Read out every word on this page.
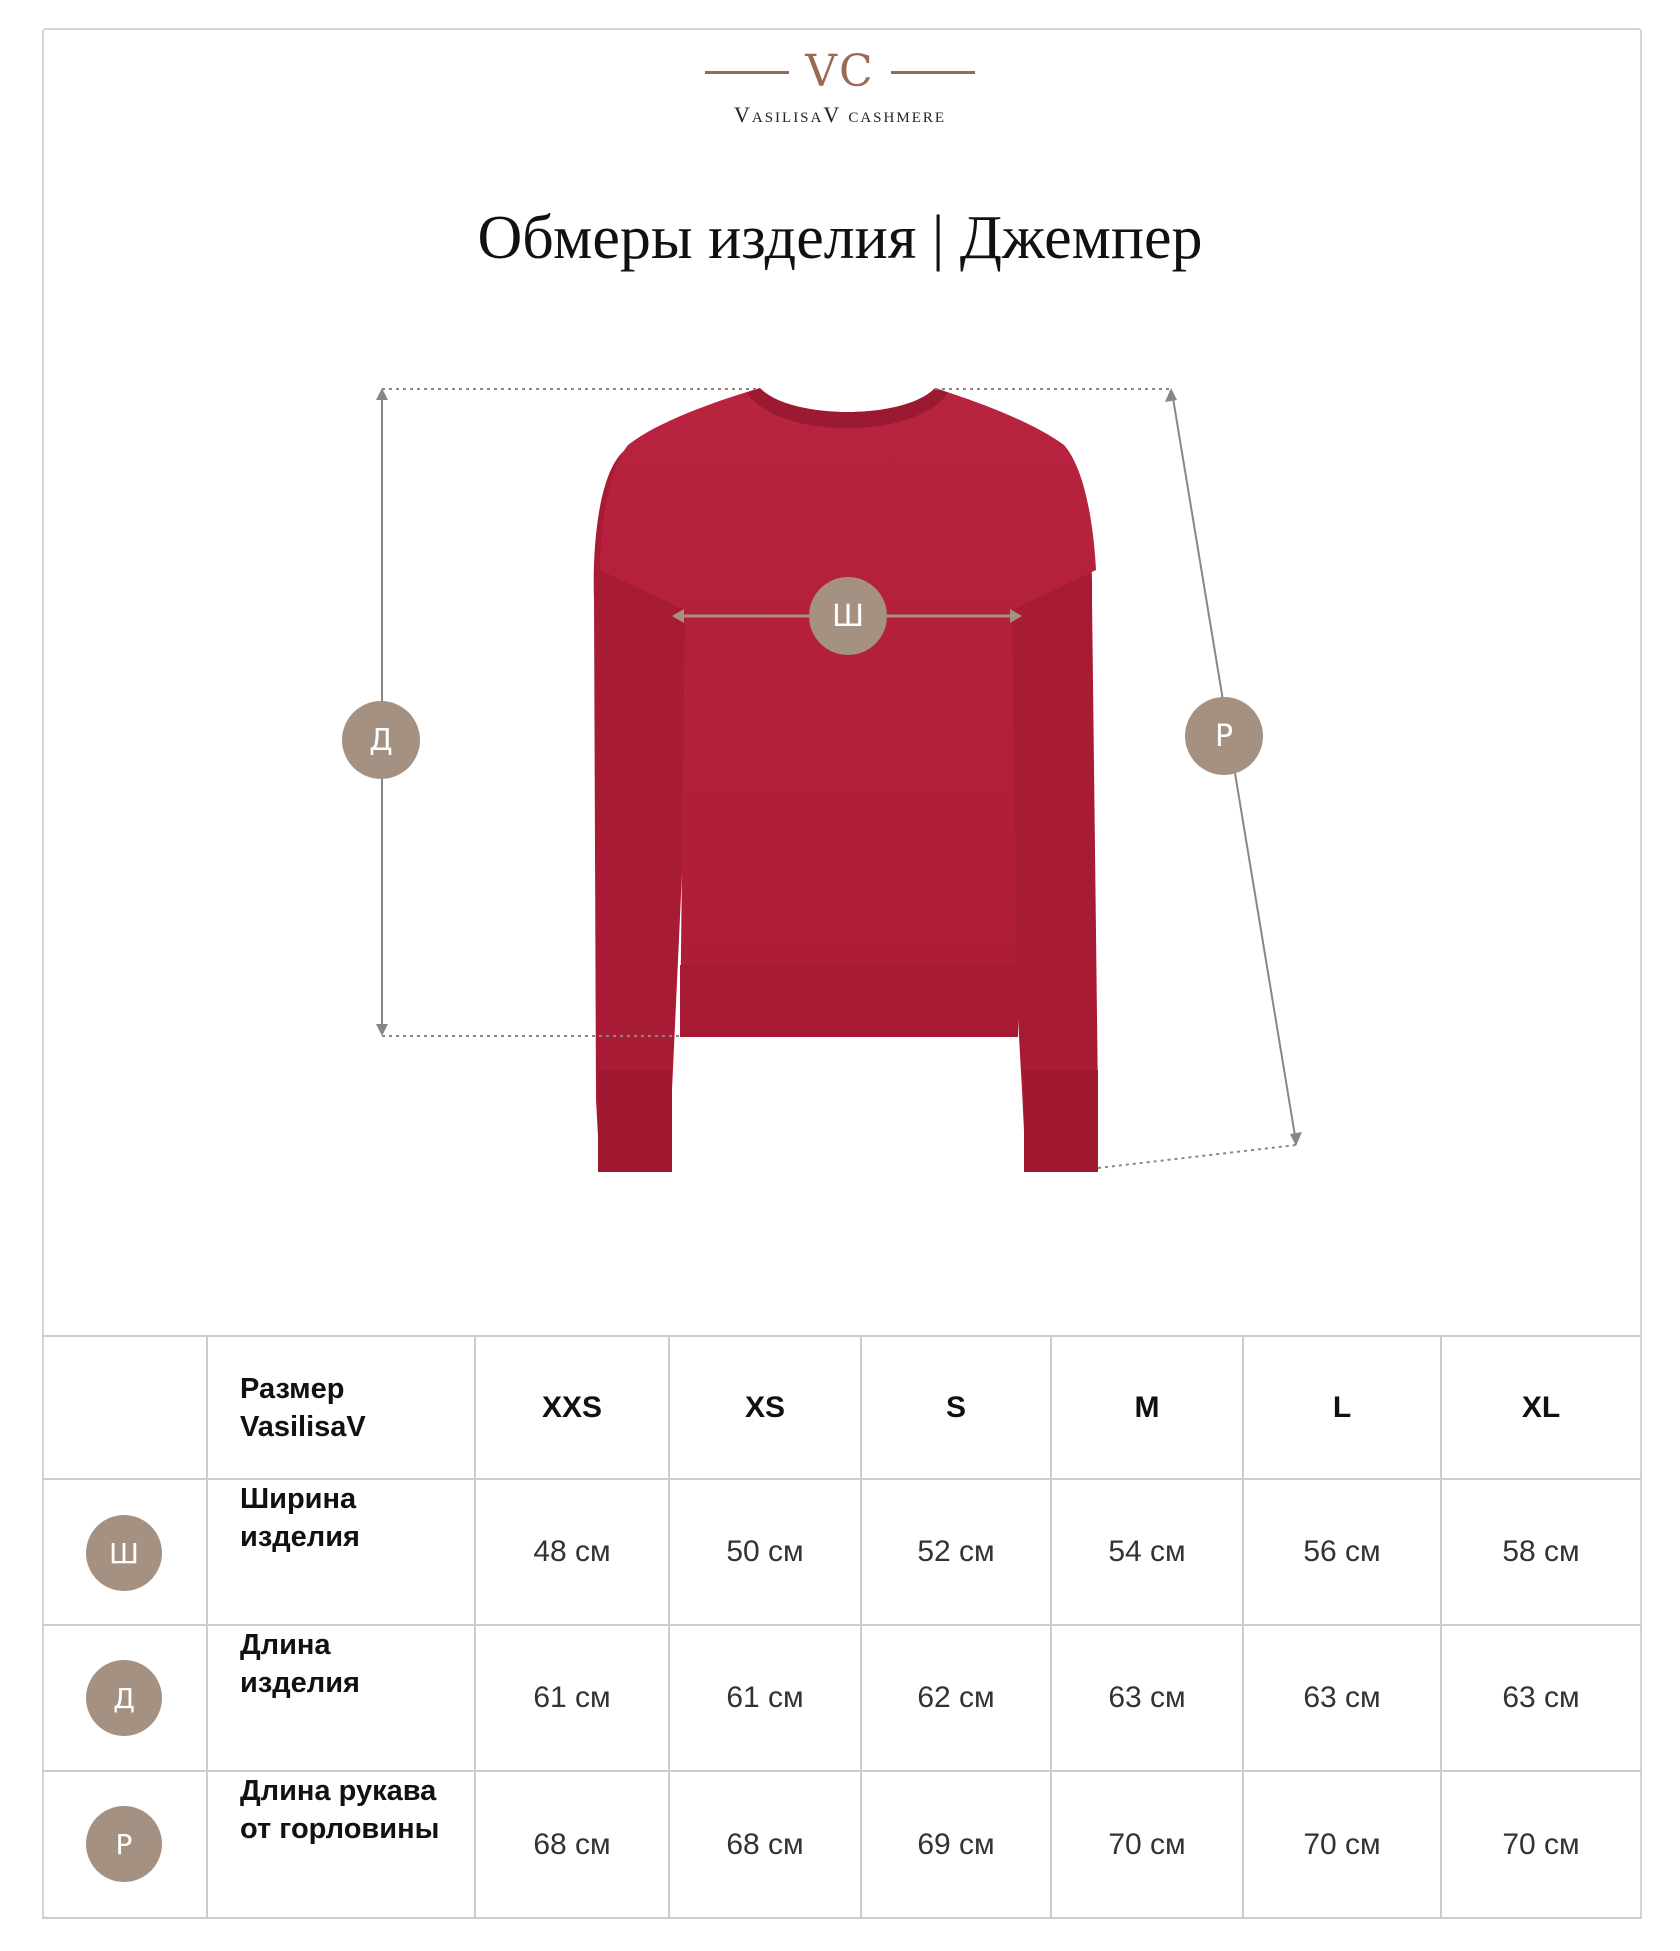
VC
VasilisaV cashmere
Обмеры изделия | Джемпер
Д
Ш
Р
Размер
VasilisaV
XXS	XS	S	M	L	XL
Ш
Ширина
изделия	48 см	50 см	52 см	54 см	56 см	58 см
Д
Длина
изделия	61 см	61 см	62 см	63 см	63 см	63 см
Р
Длина рукава
от горловины	68 см	68 см	69 см	70 см	70 см	70 см
